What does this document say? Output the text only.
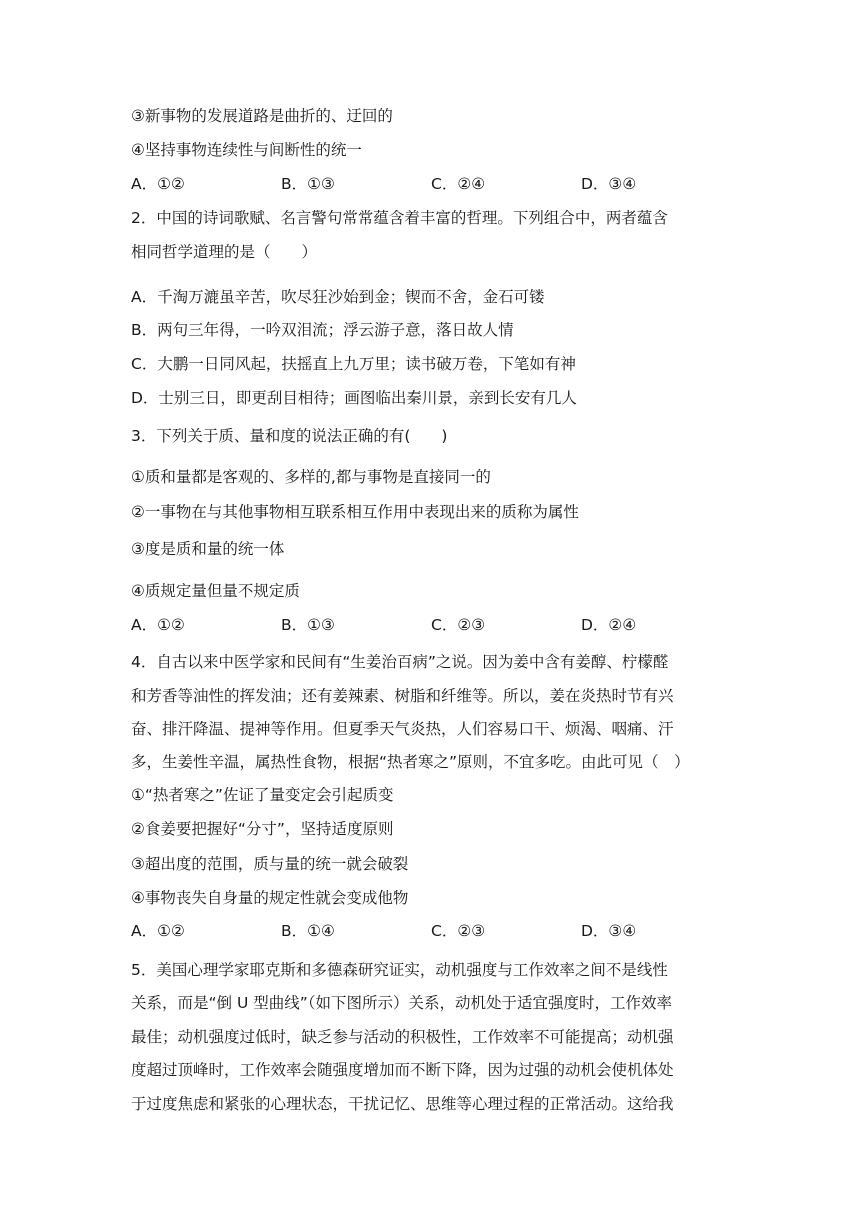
③新事物的发展道路是曲折的、迂回的
④坚持事物连续性与间断性的统一
A．①②	B．①③	C．②④	D．③④
2．中国的诗词歌赋、名言警句常常蕴含着丰富的哲理。下列组合中，两者蕴含
相同哲学道理的是（　　）
A．千淘万漉虽辛苦，吹尽狂沙始到金；锲而不舍，金石可镂
B．两句三年得，一吟双泪流；浮云游子意，落日故人情
C．大鹏一日同风起，扶摇直上九万里；读书破万卷，下笔如有神
D．士别三日，即更刮目相待；画图临出秦川景，亲到长安有几人
3．下列关于质、量和度的说法正确的有(　　)
①质和量都是客观的、多样的,都与事物是直接同一的
②一事物在与其他事物相互联系相互作用中表现出来的质称为属性
③度是质和量的统一体
④质规定量但量不规定质
A．①②	B．①③	C．②③	D．②④
4．自古以来中医学家和民间有“生姜治百病”之说。因为姜中含有姜醇、柠檬醛
和芳香等油性的挥发油；还有姜辣素、树脂和纤维等。所以，姜在炎热时节有兴
奋、排汗降温、提神等作用。但夏季天气炎热，人们容易口干、烦渴、咽痛、汗
多，生姜性辛温，属热性食物，根据“热者寒之”原则，不宜多吃。由此可见（　）
①“热者寒之”佐证了量变定会引起质变
②食姜要把握好“分寸”，坚持适度原则
③超出度的范围，质与量的统一就会破裂
④事物丧失自身量的规定性就会变成他物
A．①②	B．①④	C．②③	D．③④
5．美国心理学家耶克斯和多德森研究证实，动机强度与工作效率之间不是线性
关系，而是“倒 U 型曲线”（如下图所示）关系，动机处于适宜强度时，工作效率
最佳；动机强度过低时，缺乏参与活动的积极性，工作效率不可能提高；动机强
度超过顶峰时，工作效率会随强度增加而不断下降，因为过强的动机会使机体处
于过度焦虑和紧张的心理状态，干扰记忆、思维等心理过程的正常活动。这给我
